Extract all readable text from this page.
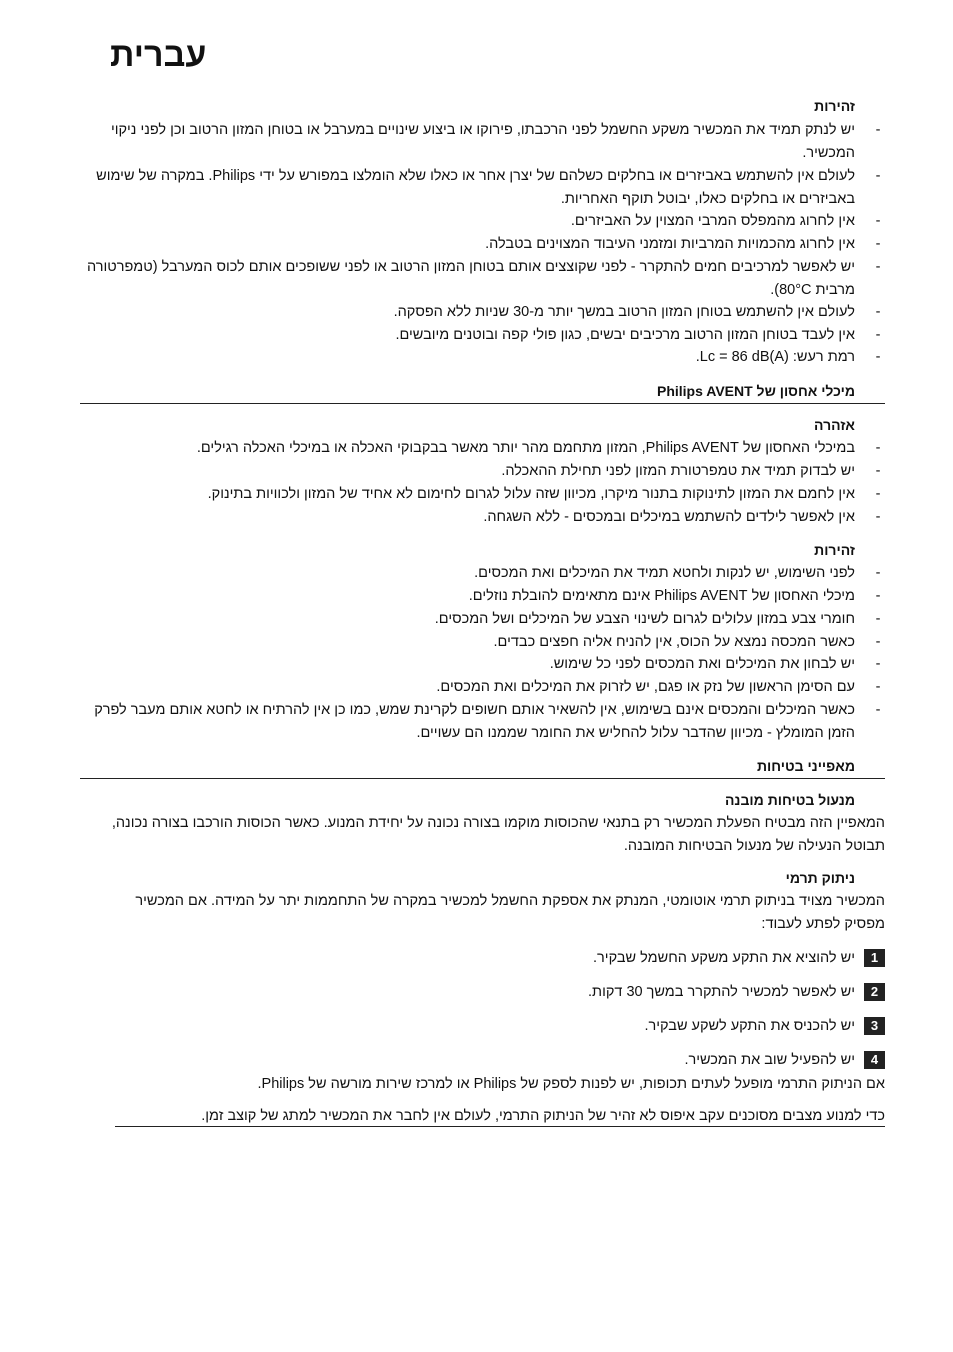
עברית
זהירות
-
יש לנתק תמיד את המכשיר משקע החשמל לפני הרכבתו, פירוקו או ביצוע שינויים במערבל או בטוחן המזון הרטוב וכן לפני ניקוי המכשיר.
-
לעולם אין להשתמש באביזרים או בחלקים כשלהם של יצרן אחר או כאלו שלא הומלצו במפורש על ידי Philips. במקרה של שימוש באביזרים או בחלקים כאלו, יבוטל תוקף האחריות.
-
אין לחרוג מהמפלס המרבי המצוין על האביזרים.
-
אין לחרוג מהכמויות המרביות ומזמני העיבוד המצוינים בטבלה.
-
יש לאפשר למרכיבים חמים להתקרר - לפני שקוצצים אותם בטוחן המזון הרטוב או לפני ששופכים אותם לכוס המערבל (טמפרטורה מרבית 80°C).
-
לעולם אין להשתמש בטוחן המזון הרטוב במשך יותר מ-30 שניות ללא הפסקה.
-
אין לעבד בטוחן המזון הרטוב מרכיבים יבשים, כגון פולי קפה ובוטנים מיובשים.
-
רמת רעש: Lc = 86 dB(A).
מיכלי אחסון של Philips AVENT
אזהרה
-
במיכלי האחסון של Philips AVENT, המזון מתחמם מהר יותר מאשר בבקבוקי האכלה או במיכלי האכלה רגילים.
-
יש לבדוק תמיד את טמפרטורת המזון לפני תחילת ההאכלה.
-
אין לחמם את המזון לתינוקות בתנור מיקרו, מכיוון שזה עלול לגרום לחימום לא אחיד של המזון ולכוויות בתינוק.
-
אין לאפשר לילדים להשתמש במיכלים ובמכסים - ללא השגחה.
זהירות
-
לפני השימוש, יש לנקות ולחטא תמיד את המיכלים ואת המכסים.
-
מיכלי האחסון של Philips AVENT אינם מתאימים להובלת נוזלים.
-
חומרי צבע במזון עלולים לגרום לשינוי הצבע של המיכלים ושל המכסים.
-
כאשר המכסה נמצא על הכוס, אין להניח אליה חפצים כבדים.
-
יש לבחון את המיכלים ואת המכסים לפני כל שימוש.
-
עם הסימן הראשון של נזק או פגם, יש לזרוק את המיכלים ואת המכסים.
-
כאשר המיכלים והמכסים אינם בשימוש, אין להשאיר אותם חשופים לקרינת שמש, כמו כן אין להרתיח או לחטא אותם מעבר לפרק הזמן המומלץ - מכיוון שהדבר עלול להחליש את החומר שממנו הם עשויים.
מאפייני בטיחות
מנעול בטיחות מובנה
המאפיין הזה מבטיח הפעלת המכשיר רק בתנאי שהכוסות מוקמו בצורה נכונה על יחידת המנוע. כאשר הכוסות הורכבו בצורה נכונה, תבוטל הנעילה של מנעול הבטיחות המובנה.
ניתוק תרמי
המכשיר מצויד בניתוק תרמי אוטומטי, המנתק את אספקת החשמל למכשיר במקרה של התחממות יתר על המידה. אם המכשיר מפסיק לפתע לעבוד:
1
יש להוציא את התקע משקע החשמל שבקיר.
2
יש לאפשר למכשיר להתקרר במשך 30 דקות.
3
יש להכניס את התקע לשקע שבקיר.
4
יש להפעיל שוב את המכשיר.
אם הניתוק התרמי מופעל לעתים תכופות, יש לפנות לספק של Philips או למרכז שירות מורשה של Philips.
כדי למנוע מצבים מסוכנים עקב איפוס לא זהיר של הניתוק התרמי, לעולם אין לחבר את המכשיר למתג של קוצב זמן.
